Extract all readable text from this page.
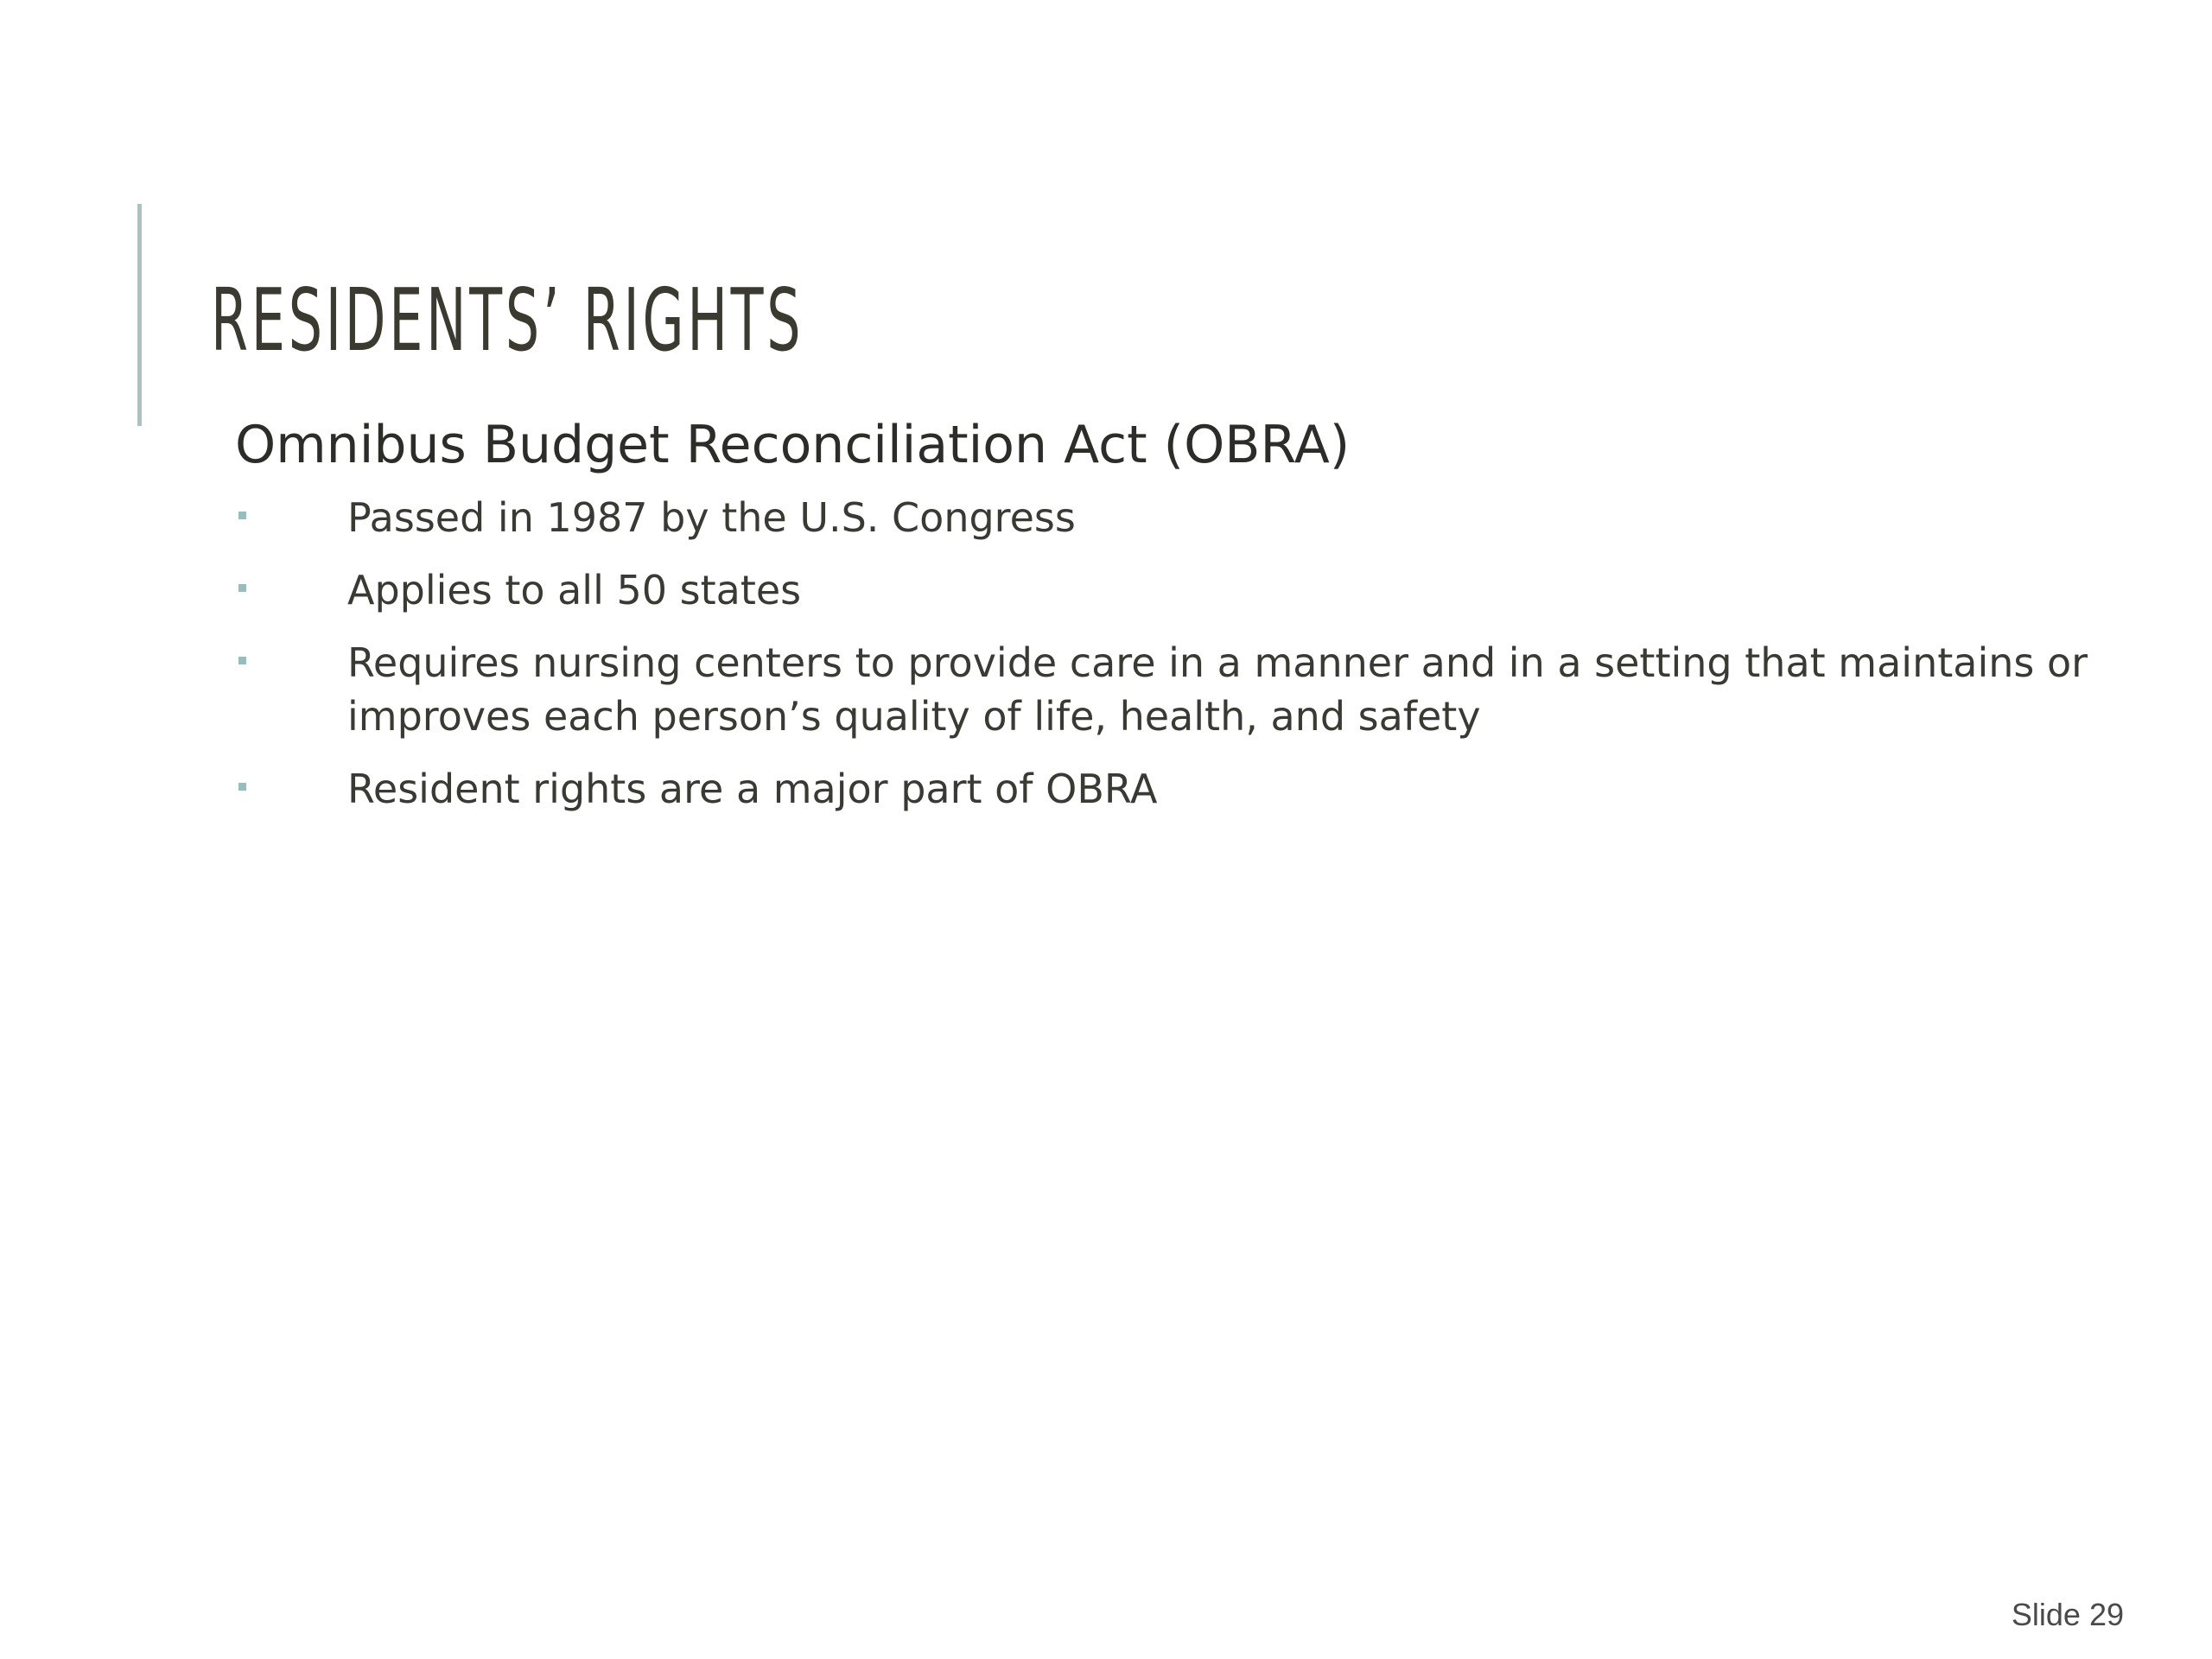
RESIDENTS’ RIGHTS

Omnibus Budget Reconciliation Act (OBRA)

Passed in 1987 by the U.S. Congress
Applies to all 50 states
Requires nursing centers to provide care in a manner and in a setting that maintains or improves each person’s quality of life, health, and safety
Resident rights are a major part of OBRA
Slide 29
